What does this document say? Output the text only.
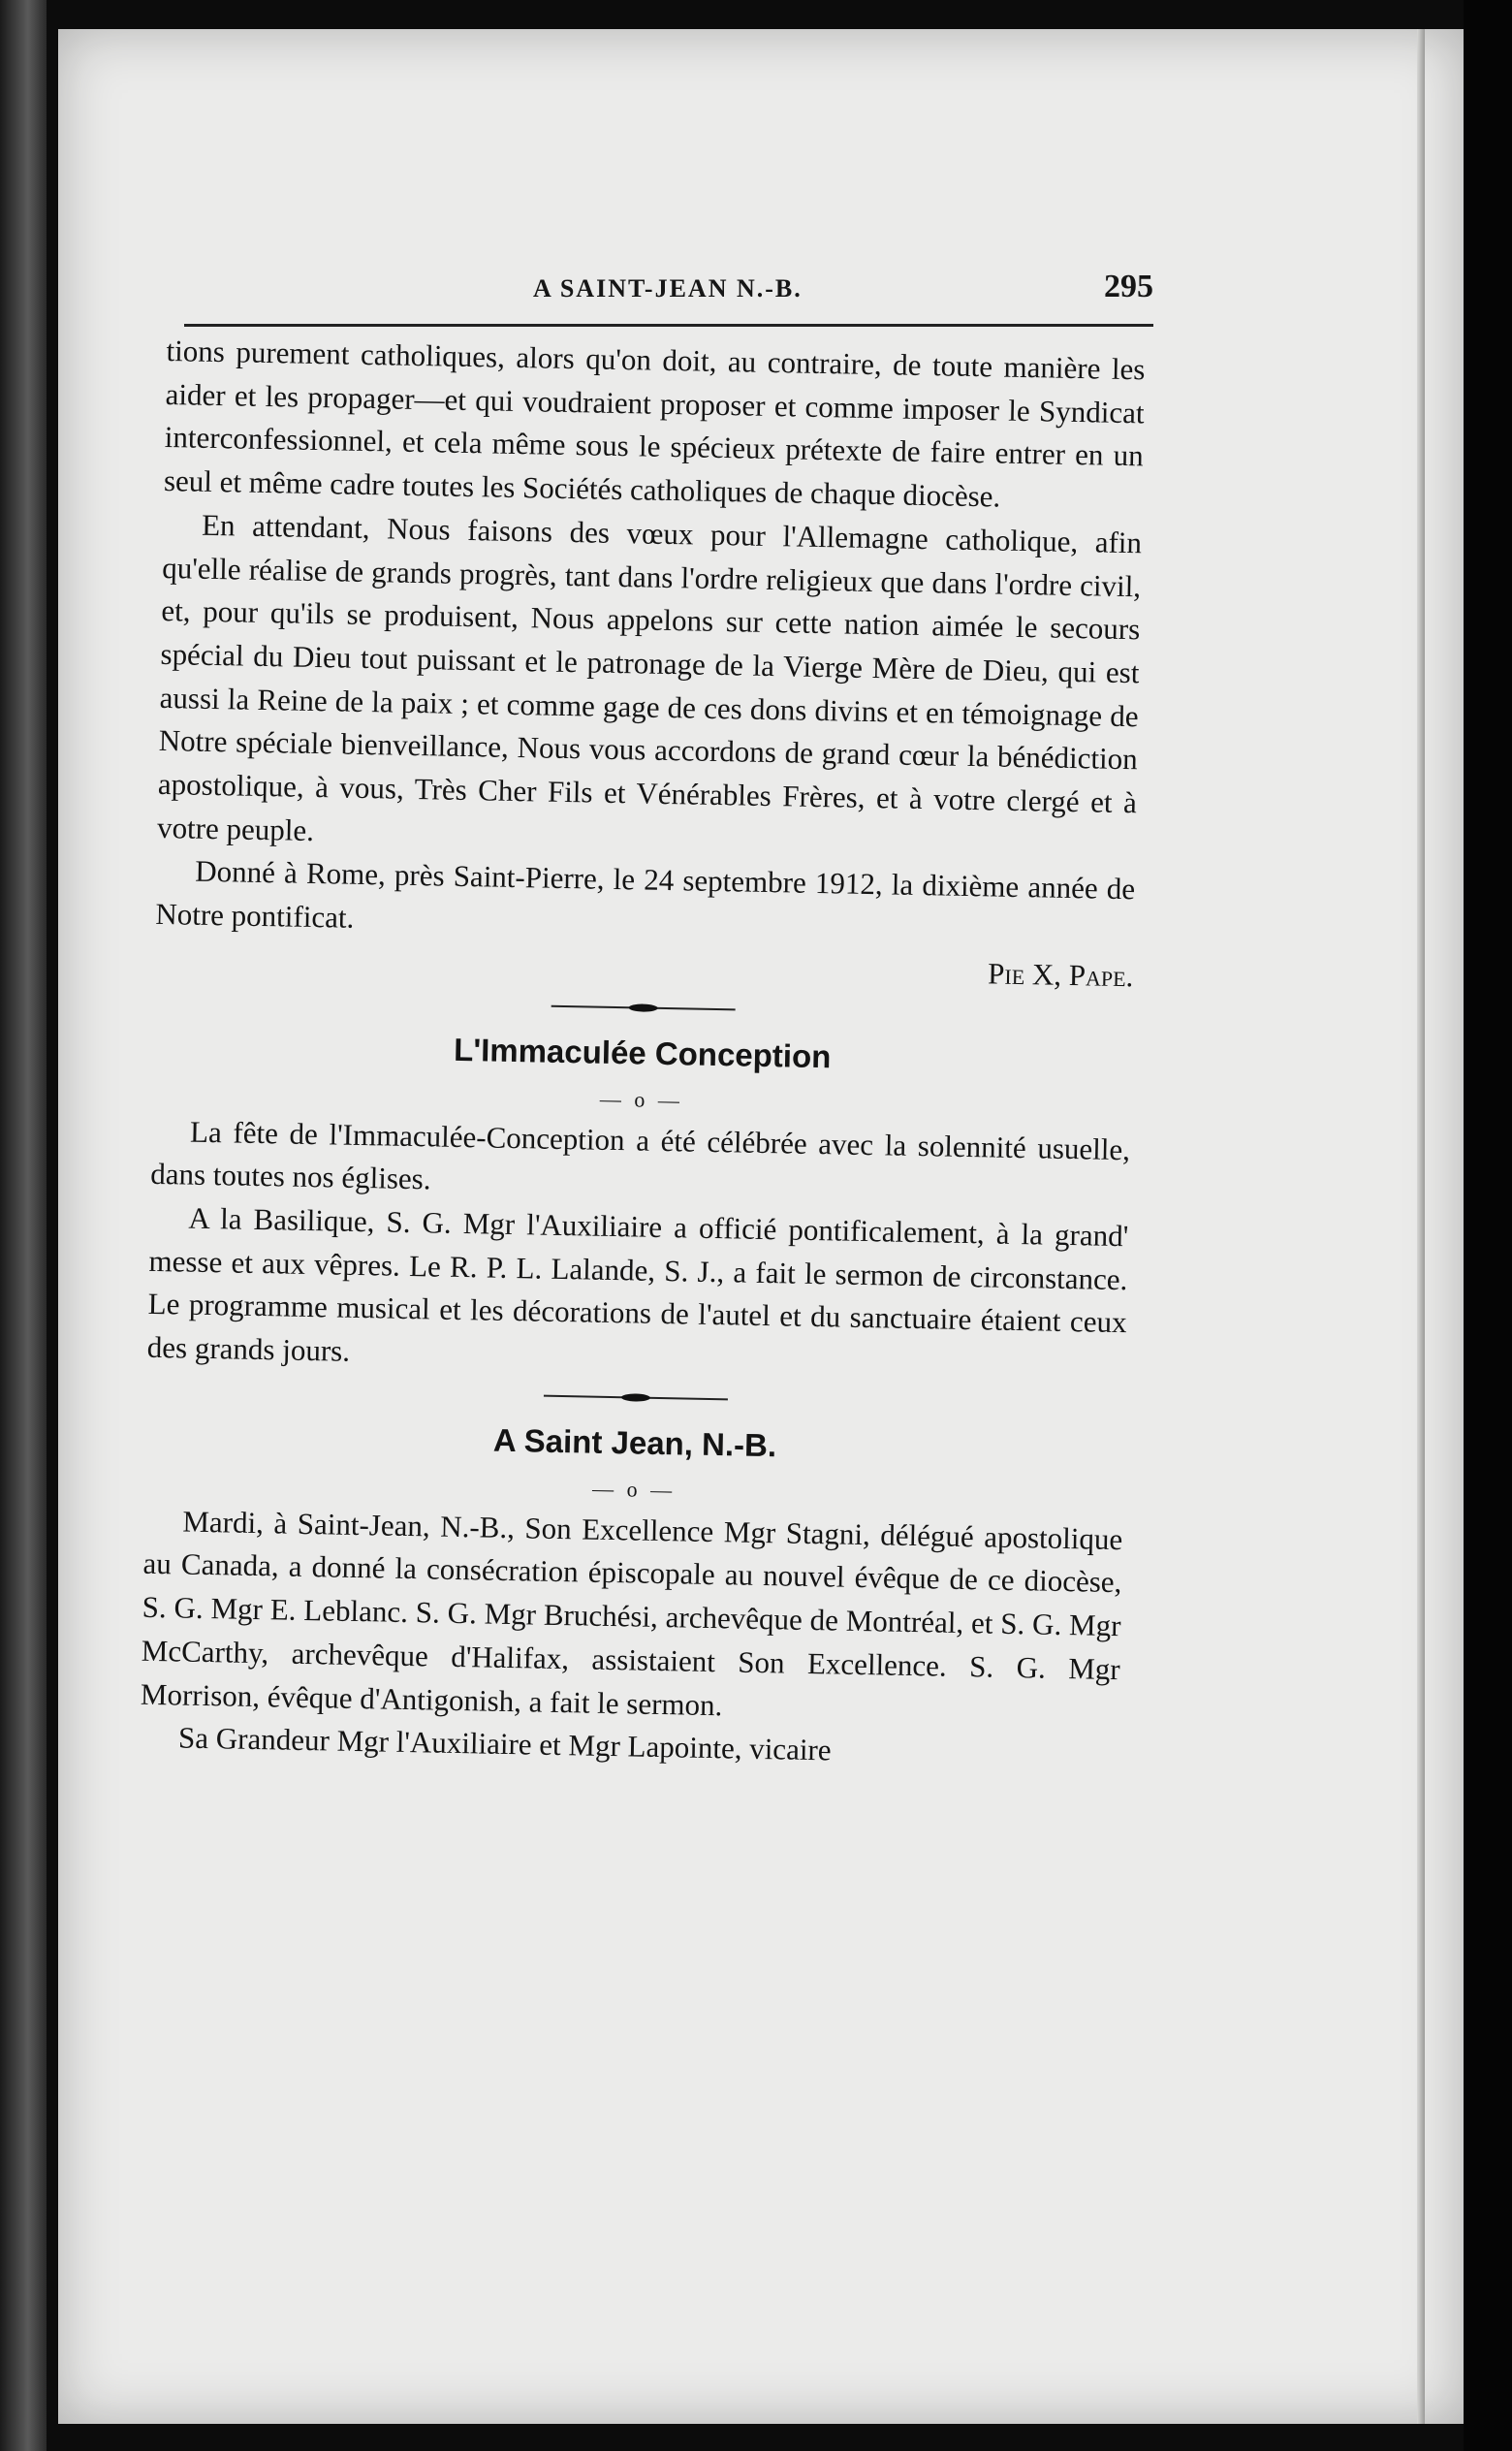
A SAINT-JEAN N.-B.	295

tions purement catholiques, alors qu'on doit, au contraire, de toute manière les aider et les propager—et qui voudraient proposer et comme imposer le Syndicat interconfessionnel, et cela même sous le spécieux prétexte de faire entrer en un seul et même cadre toutes les Sociétés catholiques de chaque diocèse.

En attendant, Nous faisons des vœux pour l'Allemagne catholique, afin qu'elle réalise de grands progrès, tant dans l'ordre religieux que dans l'ordre civil, et, pour qu'ils se produisent, Nous appelons sur cette nation aimée le secours spécial du Dieu tout puissant et le patronage de la Vierge Mère de Dieu, qui est aussi la Reine de la paix ; et comme gage de ces dons divins et en témoignage de Notre spéciale bienveillance, Nous vous accordons de grand cœur la bénédiction apostolique, à vous, Très Cher Fils et Vénérables Frères, et à votre clergé et à votre peuple.

Donné à Rome, près Saint-Pierre, le 24 septembre 1912, la dixième année de Notre pontificat.

Pie X, Pape.

L'Immaculée Conception
— o —

La fête de l'Immaculée-Conception a été célébrée avec la solennité usuelle, dans toutes nos églises.

A la Basilique, S. G. Mgr l'Auxiliaire a officié pontificalement, à la grand' messe et aux vêpres. Le R. P. L. Lalande, S. J., a fait le sermon de circonstance. Le programme musical et les décorations de l'autel et du sanctuaire étaient ceux des grands jours.

A Saint Jean, N.-B.
— o —

Mardi, à Saint-Jean, N.-B., Son Excellence Mgr Stagni, délégué apostolique au Canada, a donné la consécration épiscopale au nouvel évêque de ce diocèse, S. G. Mgr E. Leblanc. S. G. Mgr Bruchési, archevêque de Montréal, et S. G. Mgr McCarthy, archevêque d'Halifax, assistaient Son Excellence. S. G. Mgr Morrison, évêque d'Antigonish, a fait le sermon.

Sa Grandeur Mgr l'Auxiliaire et Mgr Lapointe, vicaire
